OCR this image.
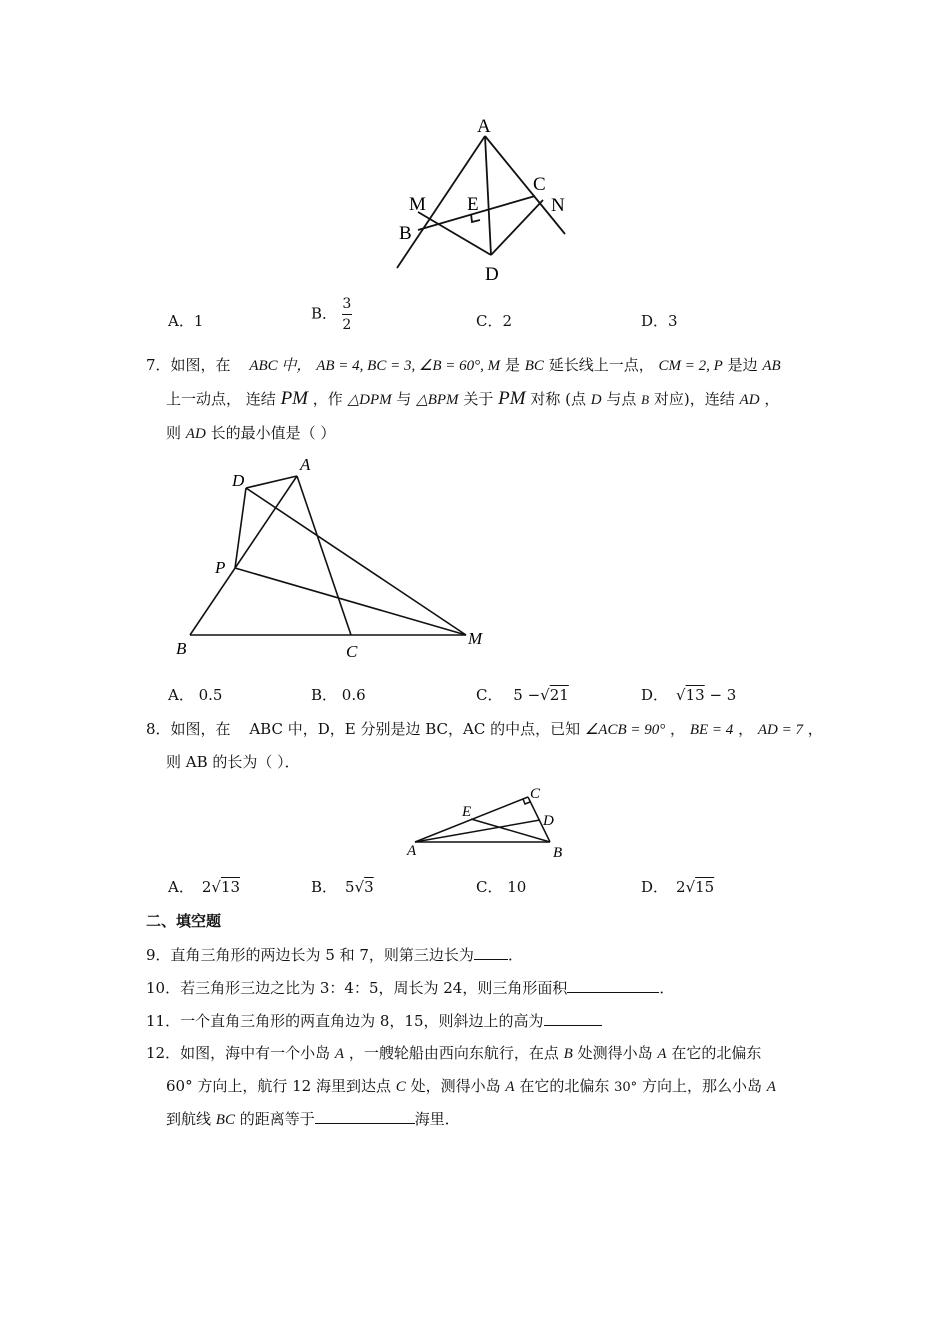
A
M E
C
N
B
D
A．1	B． $\frac{3}{2}$	C．2	D．3
7．如图，在 ABC 中， AB = 4, BC = 3, ∠B = 60°, M 是 BC 延长线上一点， CM = 2, P 是边 AB
上一动点， 连结 PM ，作 △DPM 与 △BPM 关于 PM 对称 (点 D 与点 B 对应)，连结 AD ，
则 AD 长的最小值是（ ）
D
A
P
B	C
M
A． 0.5	B． 0.6	C． 5 −√21	D． √13 − 3
8．如图，在 ABC 中，D，E 分别是边 BC，AC 的中点，已知 ∠ACB = 90° ， BE = 4 ， AD = 7 ，
则 AB 的长为（ ）．
E
C
D
A	B
A． 2√13	B． 5√3	C． 10	D． 2√15
二、填空题
9．直角三角形的两边长为 5 和 7，则第三边长为 ．
10．若三角形三边之比为 3：4：5，周长为 24，则三角形面积	．
11．一个直角三角形的两直角边为 8，15，则斜边上的高为
12．如图，海中有一个小岛 A ，一艘轮船由西向东航行，在点 B 处测得小岛 A 在它的北偏东
60° 方向上，航行 12 海里到达点 C 处，测得小岛 A 在它的北偏东 30° 方向上，那么小岛 A
到航线 BC 的距离等于	海里．
